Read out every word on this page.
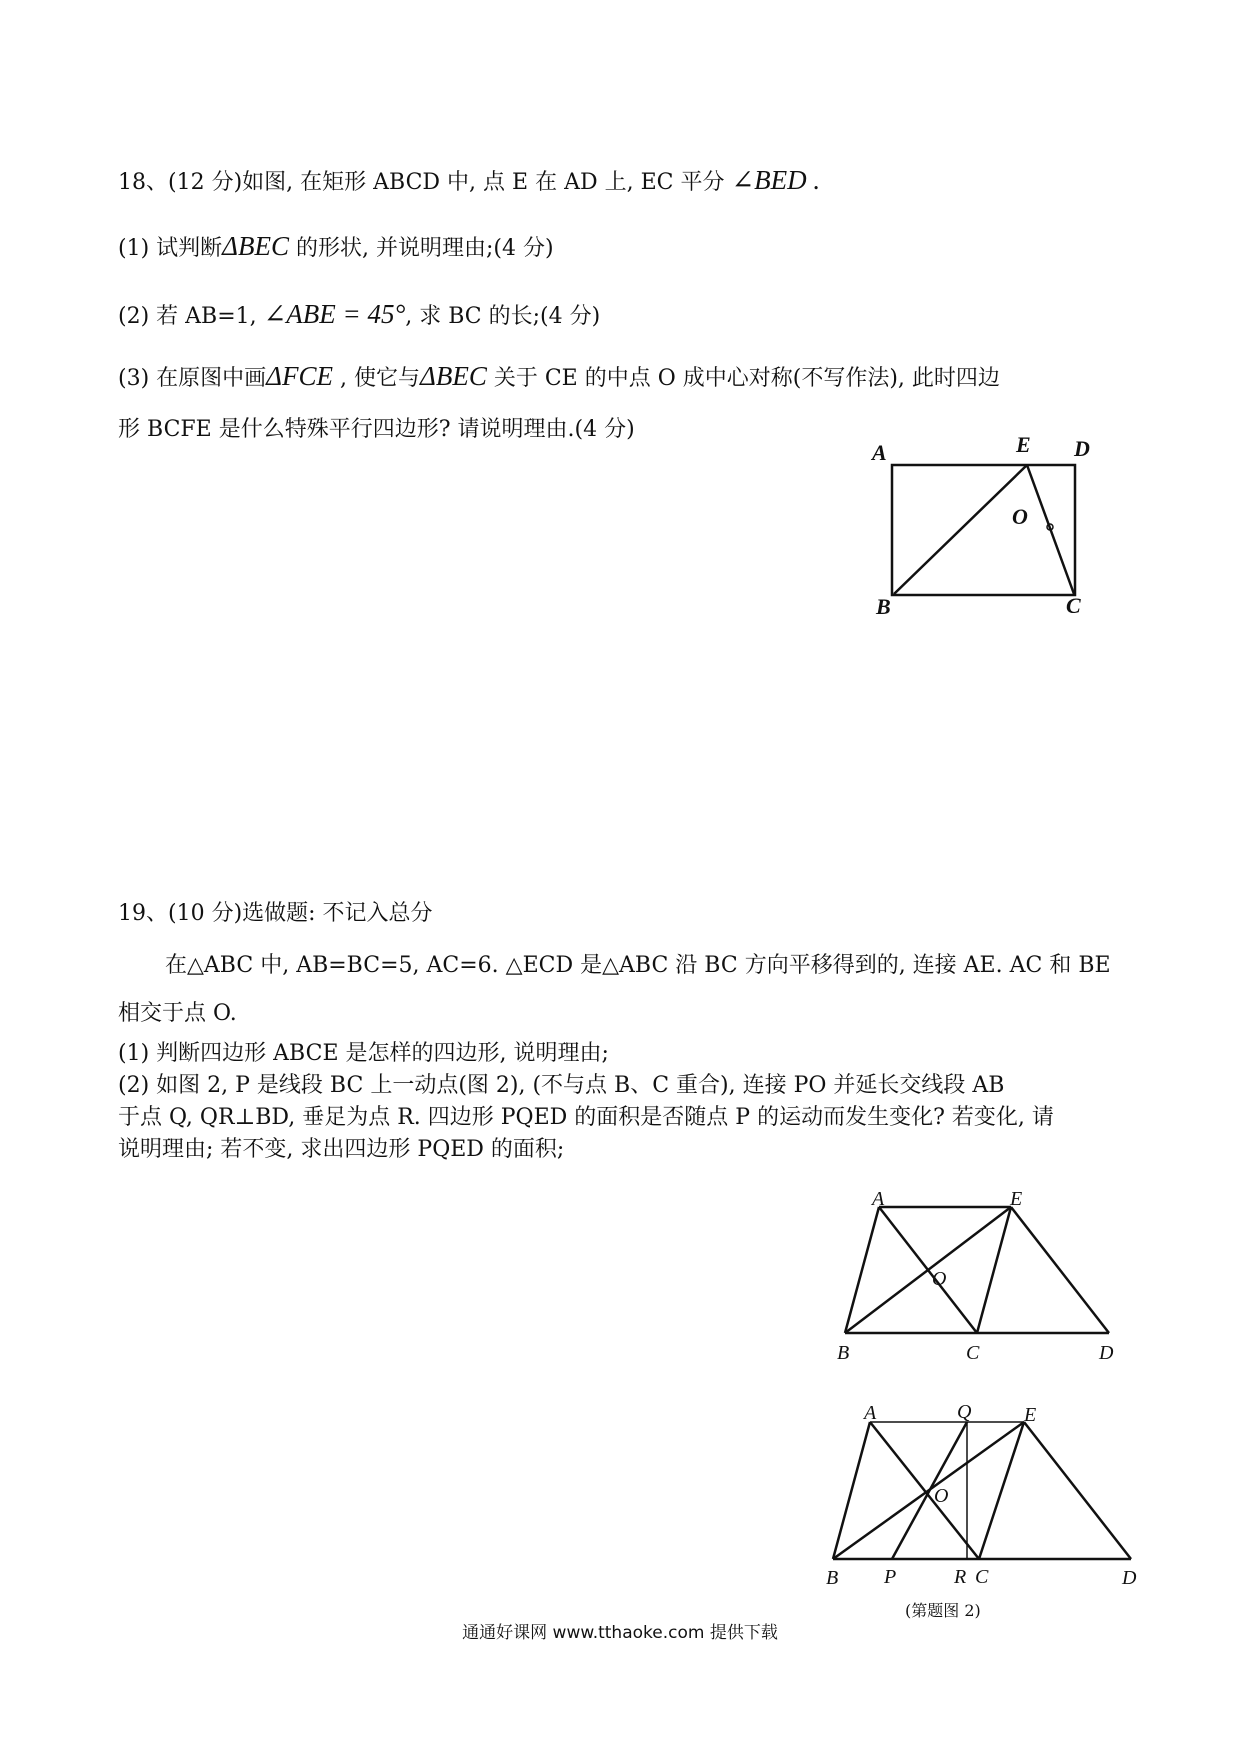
18、(12 分)如图, 在矩形 ABCD 中, 点 E 在 AD 上, EC 平分 ∠BED .
(1) 试判断ΔBEC 的形状, 并说明理由;(4 分)
(2) 若 AB=1, ∠ABE = 45°, 求 BC 的长;(4 分)
(3) 在原图中画ΔFCE , 使它与ΔBEC 关于 CE 的中点 O 成中心对称(不写作法), 此时四边
形 BCFE 是什么特殊平行四边形? 请说明理由.(4 分)
A	E D
O
B	C
19、(10 分)选做题: 不记入总分
在△ABC 中, AB=BC=5, AC=6. △ECD 是△ABC 沿 BC 方向平移得到的, 连接 AE. AC 和 BE
相交于点 O.
(1) 判断四边形 ABCE 是怎样的四边形, 说明理由;
(2) 如图 2, P 是线段 BC 上一动点(图 2), (不与点 B、C 重合), 连接 PO 并延长交线段 AB
于点 Q, QR⊥BD, 垂足为点 R. 四边形 PQED 的面积是否随点 P 的运动而发生变化? 若变化, 请
说明理由; 若不变, 求出四边形 PQED 的面积;
A	E
O
B	C	D
A	Q	E
O
B P	R C	D
(第题图 2)
通通好课网 www.tthaoke.com 提供下载
